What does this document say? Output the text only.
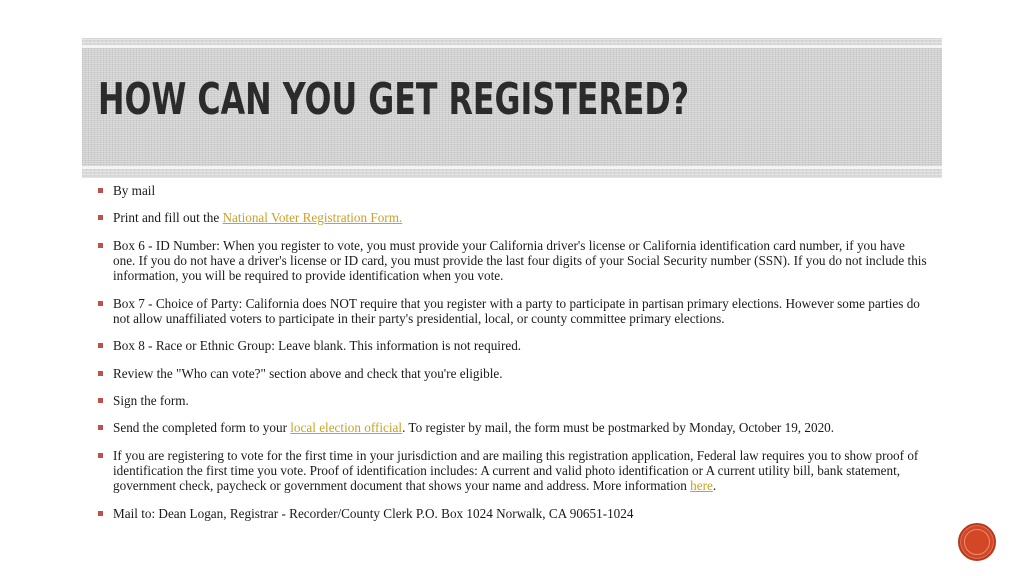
HOW CAN YOU GET REGISTERED?
By mail
Print and fill out the National Voter Registration Form.
Box 6 - ID Number: When you register to vote, you must provide your California driver's license or California identification card number, if you have one. If you do not have a driver's license or ID card, you must provide the last four digits of your Social Security number (SSN). If you do not include this information, you will be required to provide identification when you vote.
Box 7 - Choice of Party: California does NOT require that you register with a party to participate in partisan primary elections. However some parties do not allow unaffiliated voters to participate in their party's presidential, local, or county committee primary elections.
Box 8 - Race or Ethnic Group: Leave blank. This information is not required.
Review the "Who can vote?" section above and check that you're eligible.
Sign the form.
Send the completed form to your local election official. To register by mail, the form must be postmarked by Monday, October 19, 2020.
If you are registering to vote for the first time in your jurisdiction and are mailing this registration application, Federal law requires you to show proof of identification the first time you vote. Proof of identification includes: A current and valid photo identification or A current utility bill, bank statement, government check, paycheck or government document that shows your name and address. More information here.
Mail to: Dean Logan, Registrar - Recorder/County Clerk P.O. Box 1024 Norwalk, CA 90651-1024
